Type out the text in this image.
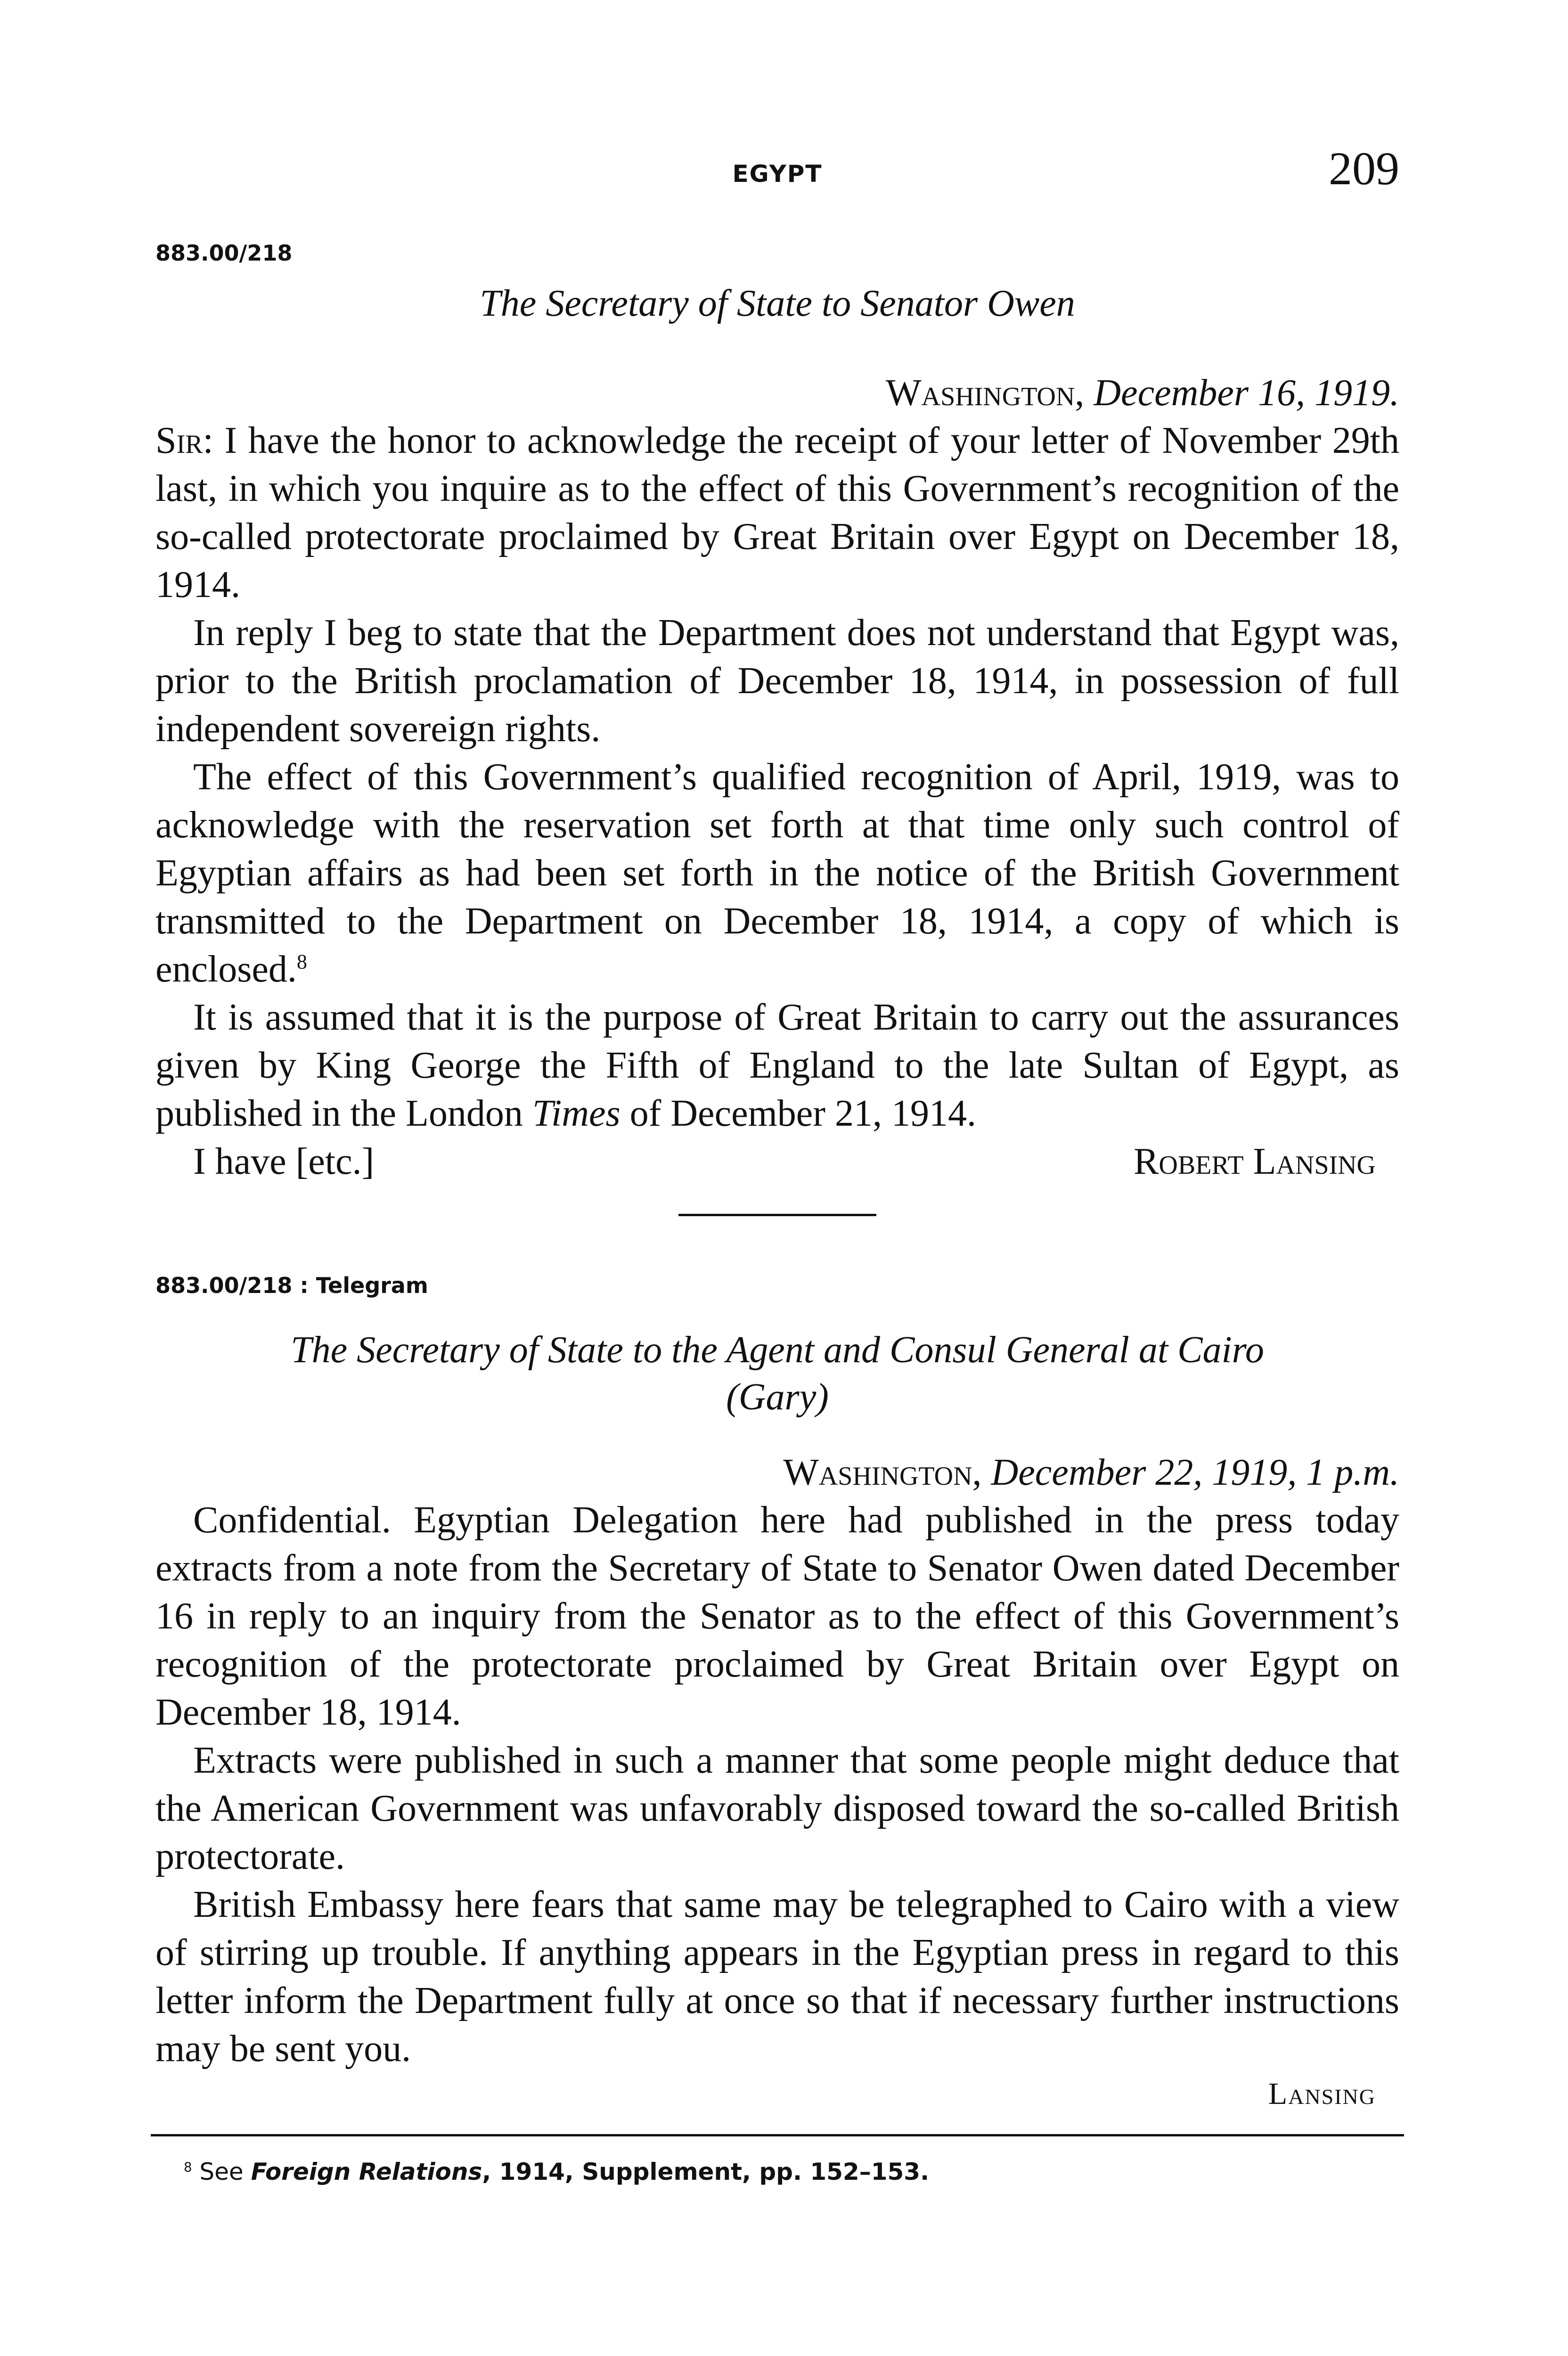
EGYPT	209
883.00/218
The Secretary of State to Senator Owen
Washington, December 16, 1919.

Sir: I have the honor to acknowledge the receipt of your letter of November 29th last, in which you inquire as to the effect of this Government’s recognition of the so-called protectorate proclaimed by Great Britain over Egypt on December 18, 1914.

In reply I beg to state that the Department does not understand that Egypt was, prior to the British proclamation of December 18, 1914, in possession of full independent sovereign rights.

The effect of this Government’s qualified recognition of April, 1919, was to acknowledge with the reservation set forth at that time only such control of Egyptian affairs as had been set forth in the notice of the British Government transmitted to the Department on December 18, 1914, a copy of which is enclosed.$^8$

It is assumed that it is the purpose of Great Britain to carry out the assurances given by King George the Fifth of England to the late Sultan of Egypt, as published in the London Times of December 21, 1914.

I have [etc.]	Robert Lansing
883.00/218 : Telegram
The Secretary of State to the Agent and Consul General at Cairo
(Gary)
Washington, December 22, 1919, 1 p.m.

Confidential. Egyptian Delegation here had published in the press today extracts from a note from the Secretary of State to Senator Owen dated December 16 in reply to an inquiry from the Senator as to the effect of this Government’s recognition of the protectorate proclaimed by Great Britain over Egypt on December 18, 1914.

Extracts were published in such a manner that some people might deduce that the American Government was unfavorably disposed toward the so-called British protectorate.

British Embassy here fears that same may be telegraphed to Cairo with a view of stirring up trouble. If anything appears in the Egyptian press in regard to this letter inform the Department fully at once so that if necessary further instructions may be sent you.

Lansing
$^8$ See Foreign Relations, 1914, Supplement, pp. 152–153.
